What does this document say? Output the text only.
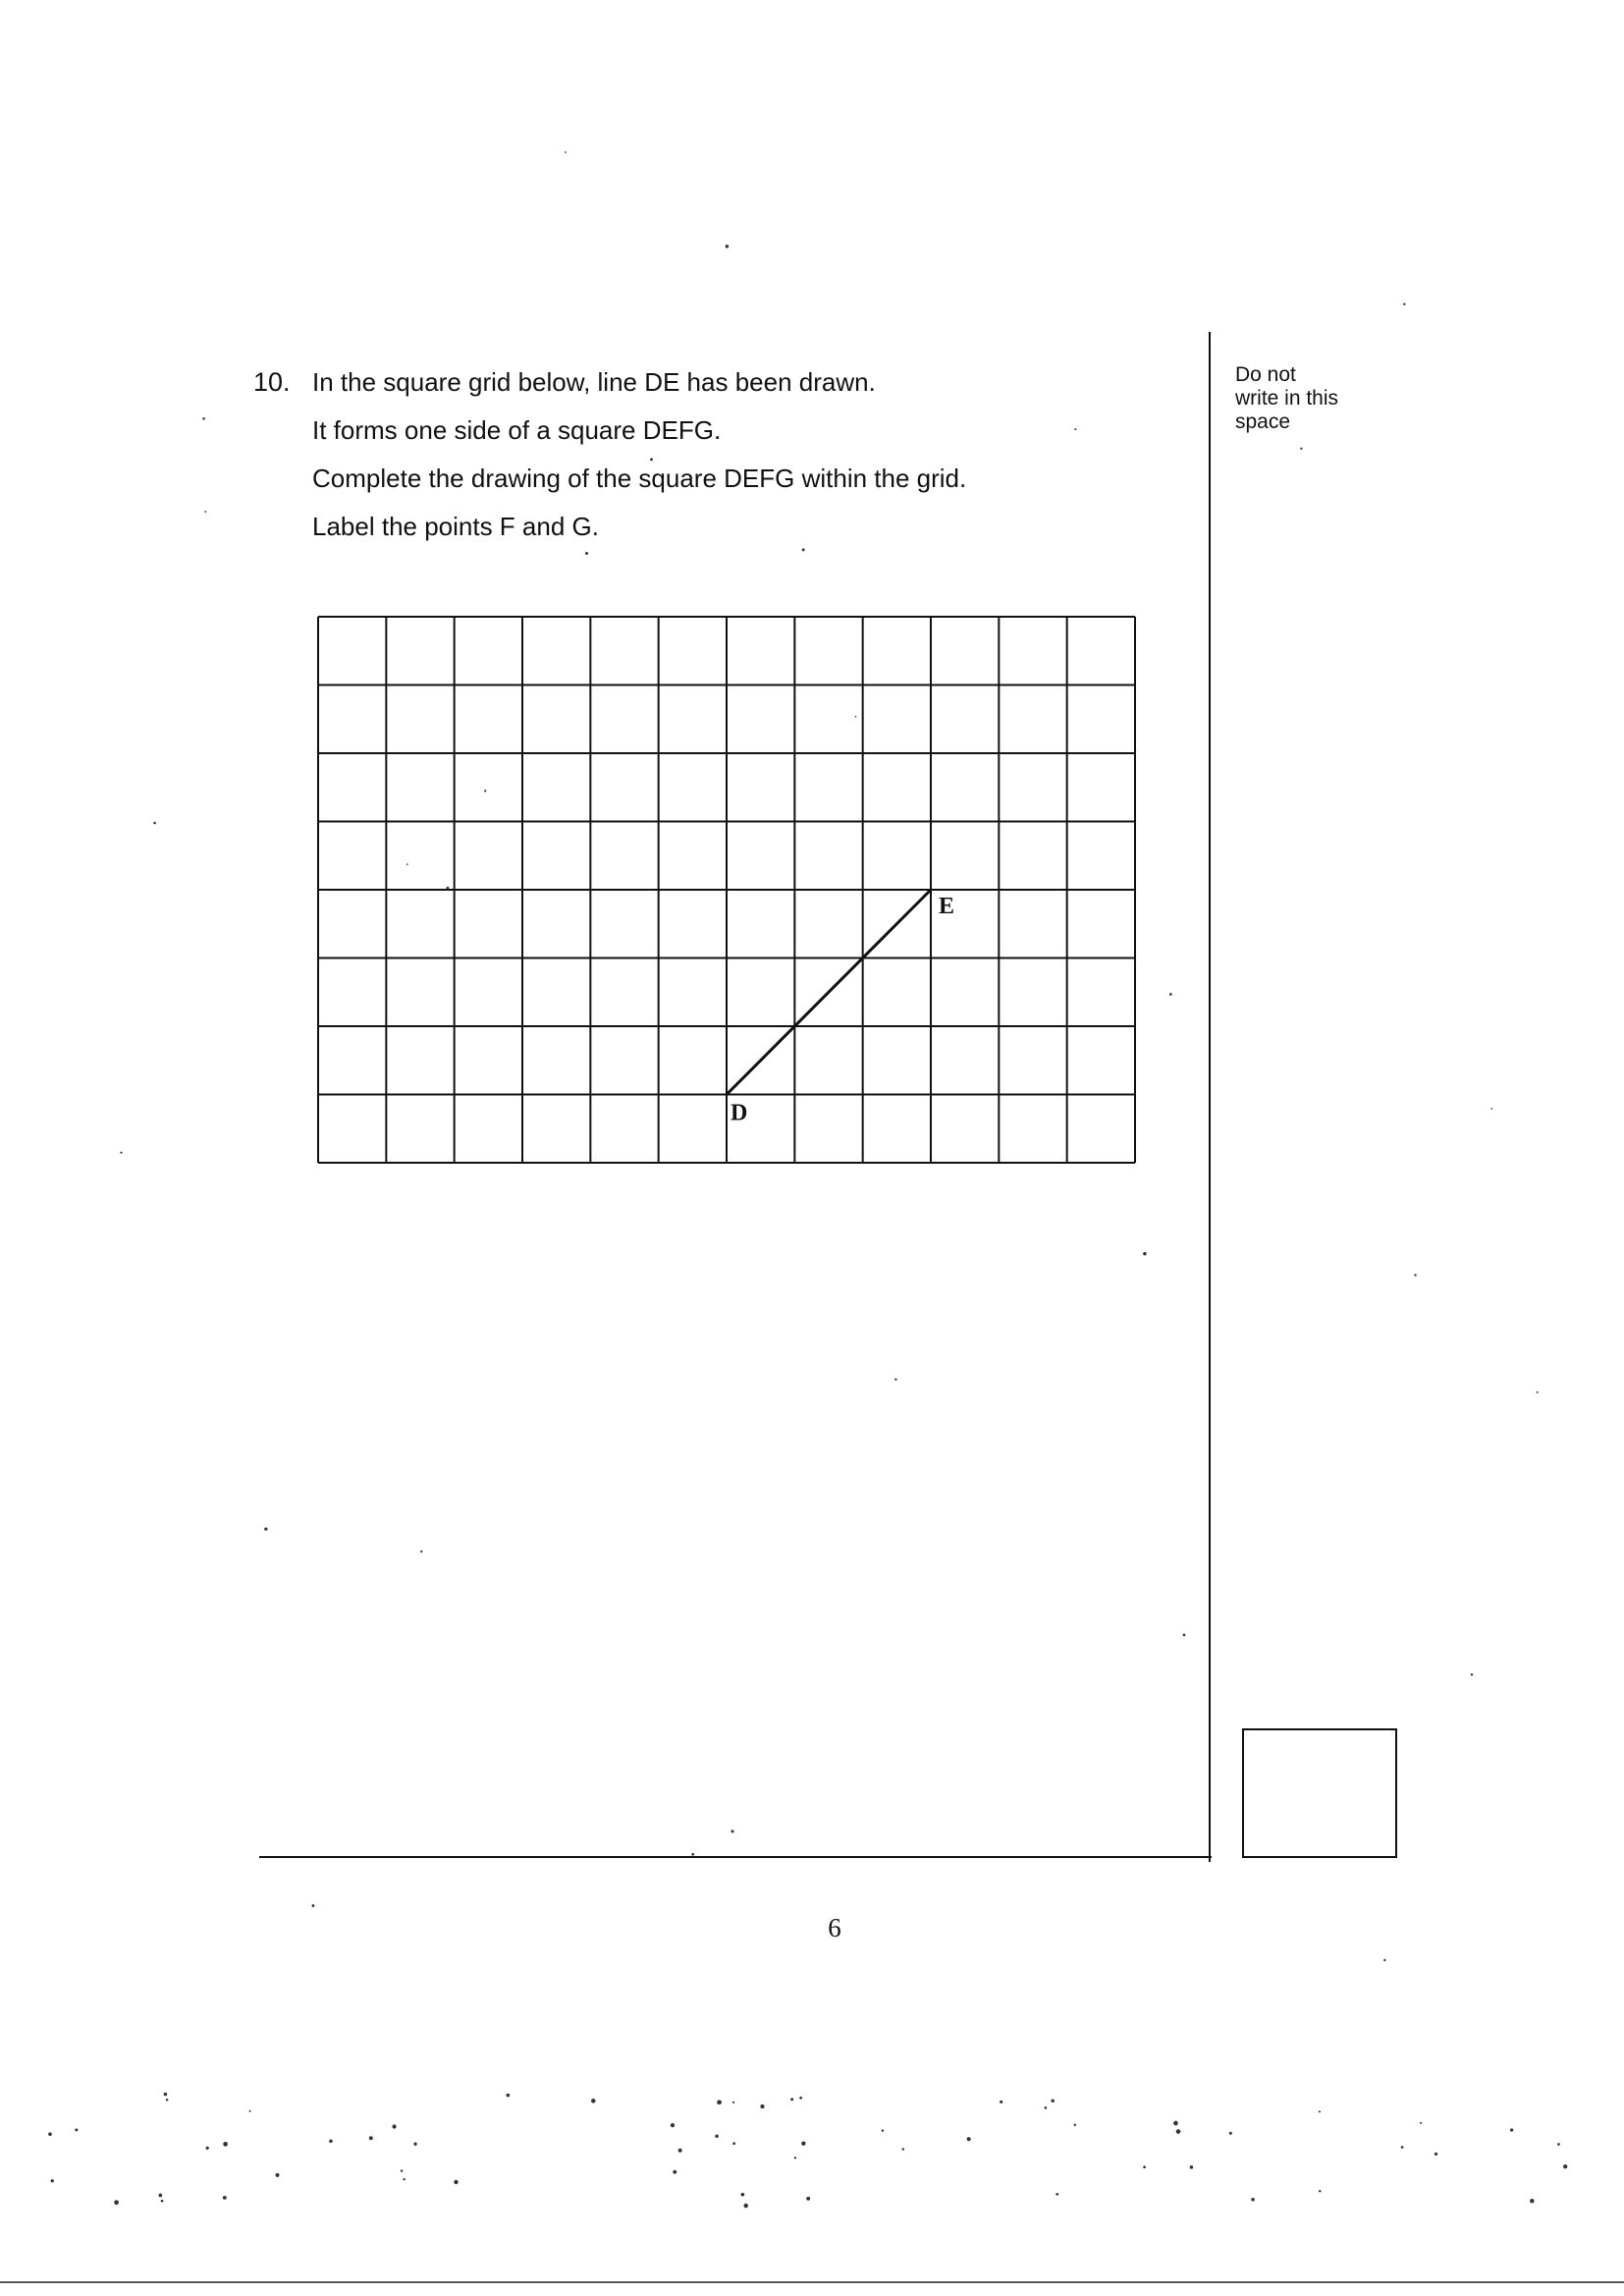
10. In the square grid below, line DE has been drawn.
It forms one side of a square DEFG.
Complete the drawing of the square DEFG within the grid.
Label the points F and G.
Do not
write in this
space
D
E
6
